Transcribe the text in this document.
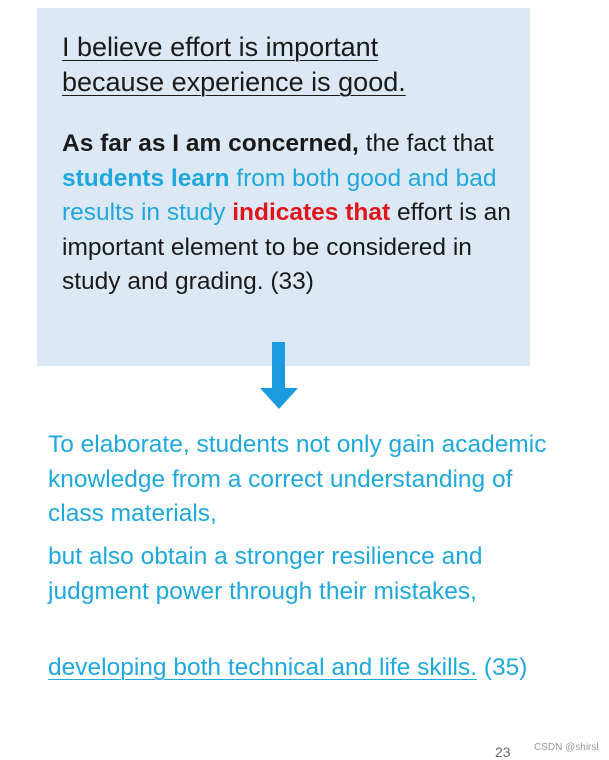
I believe effort is important
because experience is good.
As far as I am concerned, the fact that students learn from both good and bad results in study indicates that effort is an important element to be considered in study and grading. (33)
To elaborate, students not only gain academic knowledge from a correct understanding of class materials,
but also obtain a stronger resilience and judgment power through their mistakes,
developing both technical and life skills. (35)
23 CSDN @shirsl
